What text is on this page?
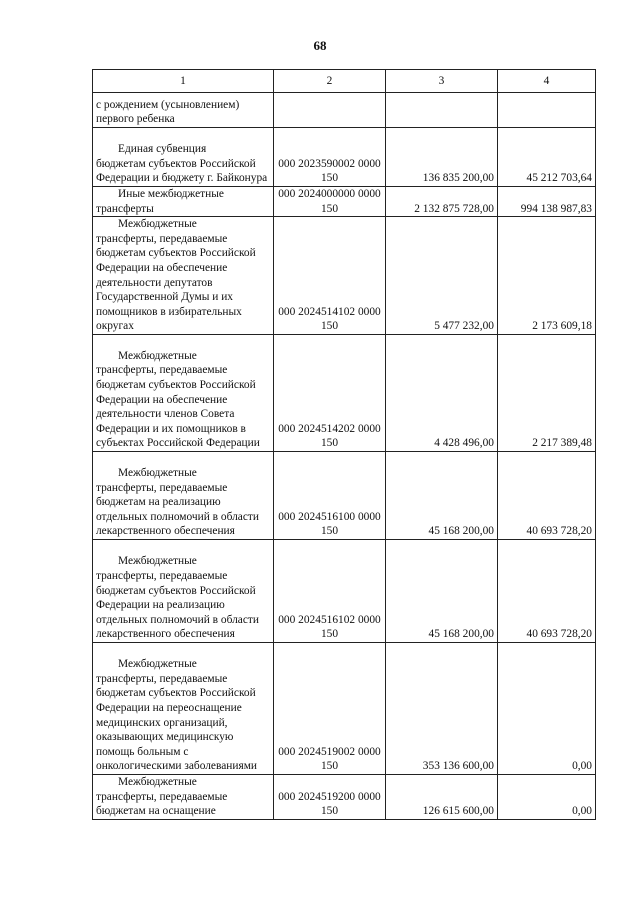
68
1	2	3	4

с рождением (усыновлением) первого ребенка			

Единая субвенция
бюджетам субъектов Российской Федерации и бюджету г. Байконура	000 2023590002 0000 150	136 835 200,00	45 212 703,64

Иные межбюджетные
трансферты	000 2024000000 0000 150	2 132 875 728,00	994 138 987,83

Межбюджетные
трансферты, передаваемые бюджетам субъектов Российской Федерации на обеспечение деятельности депутатов Государственной Думы и их помощников в избирательных округах	000 2024514102 0000 150	5 477 232,00	2 173 609,18

Межбюджетные
трансферты, передаваемые бюджетам субъектов Российской Федерации на обеспечение деятельности членов Совета Федерации и их помощников в субъектах Российской Федерации	000 2024514202 0000 150	4 428 496,00	2 217 389,48

Межбюджетные
трансферты, передаваемые бюджетам на реализацию отдельных полномочий в области лекарственного обеспечения	000 2024516100 0000 150	45 168 200,00	40 693 728,20

Межбюджетные
трансферты, передаваемые бюджетам субъектов Российской Федерации на реализацию отдельных полномочий в области лекарственного обеспечения	000 2024516102 0000 150	45 168 200,00	40 693 728,20

Межбюджетные
трансферты, передаваемые бюджетам субъектов Российской Федерации на переоснащение медицинских организаций, оказывающих медицинскую помощь больным с онкологическими заболеваниями	000 2024519002 0000 150	353 136 600,00	0,00

Межбюджетные
трансферты, передаваемые бюджетам на оснащение	000 2024519200 0000 150	126 615 600,00	0,00
